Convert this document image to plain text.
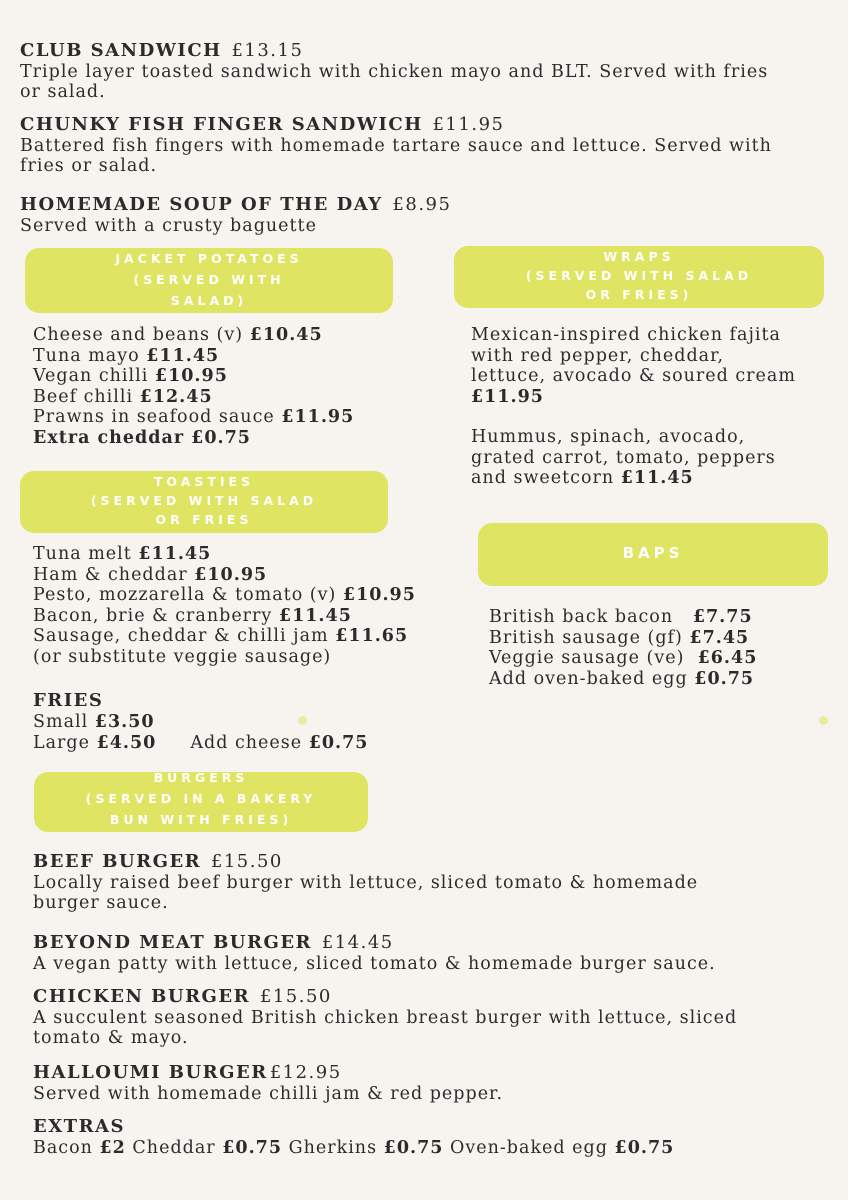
CLUB SANDWICH £13.15
Triple layer toasted sandwich with chicken mayo and BLT. Served with fries
or salad.
CHUNKY FISH FINGER SANDWICH £11.95
Battered fish fingers with homemade tartare sauce and lettuce. Served with
fries or salad.
HOMEMADE SOUP OF THE DAY £8.95
Served with a crusty baguette
JACKET POTATOES
(SERVED WITH
SALAD)
Cheese and beans (v) £10.45
Tuna mayo £11.45
Vegan chilli £10.95
Beef chilli £12.45
Prawns in seafood sauce £11.95
Extra cheddar £0.75
WRAPS
(SERVED WITH SALAD
OR FRIES)
Mexican-inspired chicken fajita
with red pepper, cheddar,
lettuce, avocado & soured cream
£11.95
Hummus, spinach, avocado,
grated carrot, tomato, peppers
and sweetcorn £11.45
TOASTIES
(SERVED WITH SALAD
OR FRIES
Tuna melt £11.45
Ham & cheddar £10.95
Pesto, mozzarella & tomato (v) £10.95
Bacon, brie & cranberry £11.45
Sausage, cheddar & chilli jam £11.65
(or substitute veggie sausage)
BAPS
British back bacon £7.75
British sausage (gf) £7.45
Veggie sausage (ve) £6.45
Add oven-baked egg £0.75
FRIES
Small £3.50
Large £4.50 Add cheese £0.75
BURGERS
(SERVED IN A BAKERY
BUN WITH FRIES)
BEEF BURGER £15.50
Locally raised beef burger with lettuce, sliced tomato & homemade
burger sauce.
BEYOND MEAT BURGER £14.45
A vegan patty with lettuce, sliced tomato & homemade burger sauce.
CHICKEN BURGER £15.50
A succulent seasoned British chicken breast burger with lettuce, sliced
tomato & mayo.
HALLOUMI BURGER £12.95
Served with homemade chilli jam & red pepper.
EXTRAS
Bacon £2 Cheddar £0.75 Gherkins £0.75 Oven-baked egg £0.75
